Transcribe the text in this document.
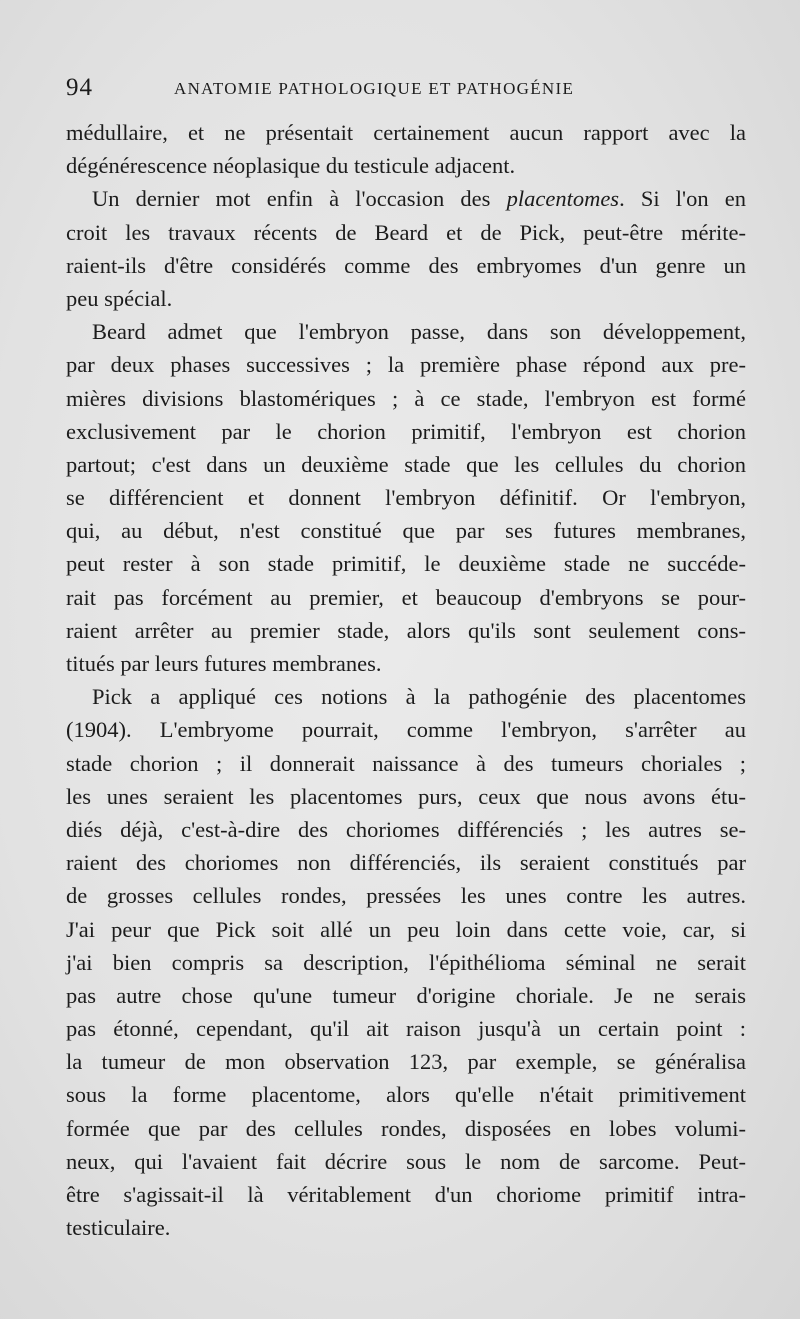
94	ANATOMIE PATHOLOGIQUE ET PATHOGÉNIE
médullaire, et ne présentait certainement aucun rapport avec la
dégénérescence néoplasique du testicule adjacent.
Un dernier mot enfin à l'occasion des placentomes. Si l'on en
croit les travaux récents de Beard et de Pick, peut-être mérite-
raient-ils d'être considérés comme des embryomes d'un genre un
peu spécial.
Beard admet que l'embryon passe, dans son développement,
par deux phases successives ; la première phase répond aux pre-
mières divisions blastomériques ; à ce stade, l'embryon est formé
exclusivement par le chorion primitif, l'embryon est chorion
partout; c'est dans un deuxième stade que les cellules du chorion
se différencient et donnent l'embryon définitif. Or l'embryon,
qui, au début, n'est constitué que par ses futures membranes,
peut rester à son stade primitif, le deuxième stade ne succéde-
rait pas forcément au premier, et beaucoup d'embryons se pour-
raient arrêter au premier stade, alors qu'ils sont seulement cons-
titués par leurs futures membranes.
Pick a appliqué ces notions à la pathogénie des placentomes
(1904). L'embryome pourrait, comme l'embryon, s'arrêter au
stade chorion ; il donnerait naissance à des tumeurs choriales ;
les unes seraient les placentomes purs, ceux que nous avons étu-
diés déjà, c'est-à-dire des choriomes différenciés ; les autres se-
raient des choriomes non différenciés, ils seraient constitués par
de grosses cellules rondes, pressées les unes contre les autres.
J'ai peur que Pick soit allé un peu loin dans cette voie, car, si
j'ai bien compris sa description, l'épithélioma séminal ne serait
pas autre chose qu'une tumeur d'origine choriale. Je ne serais
pas étonné, cependant, qu'il ait raison jusqu'à un certain point :
la tumeur de mon observation 123, par exemple, se généralisa
sous la forme placentome, alors qu'elle n'était primitivement
formée que par des cellules rondes, disposées en lobes volumi-
neux, qui l'avaient fait décrire sous le nom de sarcome. Peut-
être s'agissait-il là véritablement d'un choriome primitif intra-
testiculaire.
